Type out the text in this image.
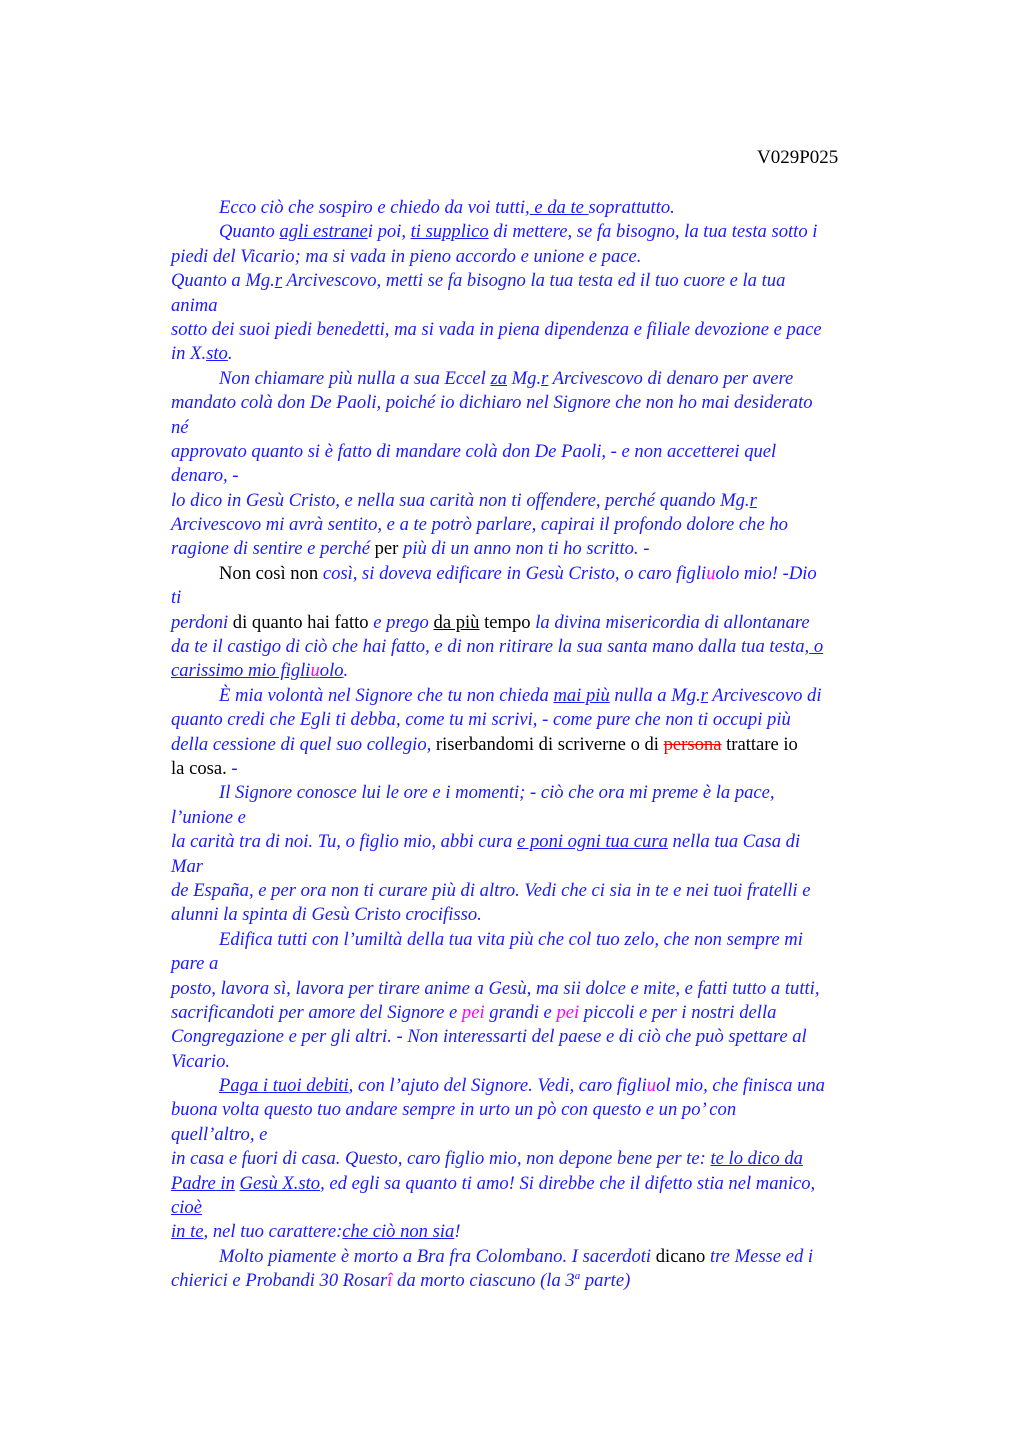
V029P025
Ecco ciò che sospiro e chiedo da voi tutti, e da te soprattutto.
Quanto agli estranei poi, ti supplico di mettere, se fa bisogno, la tua testa sotto i
piedi del Vicario; ma si vada in pieno accordo e unione e pace.
Quanto a Mg.r Arcivescovo, metti se fa bisogno la tua testa ed il tuo cuore e la tua
anima
sotto dei suoi piedi benedetti, ma si vada in piena dipendenza e filiale devozione e pace
in X.sto.
Non chiamare più nulla a sua Eccel za Mg.r Arcivescovo di denaro per avere
mandato colà don De Paoli, poiché io dichiaro nel Signore che non ho mai desiderato
né
approvato quanto si è fatto di mandare colà don De Paoli, - e non accetterei quel
denaro, -
lo dico in Gesù Cristo, e nella sua carità non ti offendere, perché quando Mg.r
Arcivescovo mi avrà sentito, e a te potrò parlare, capirai il profondo dolore che ho
ragione di sentire e perché per più di un anno non ti ho scritto. -
Non così non così, si doveva edificare in Gesù Cristo, o caro figliuolo mio! -Dio
ti
perdoni di quanto hai fatto e prego da più tempo la divina misericordia di allontanare
da te il castigo di ciò che hai fatto, e di non ritirare la sua santa mano dalla tua testa, o
carissimo mio figliuolo.
È mia volontà nel Signore che tu non chieda mai più nulla a Mg.r Arcivescovo di
quanto credi che Egli ti debba, come tu mi scrivi, - come pure che non ti occupi più
della cessione di quel suo collegio, riserbandomi di scriverne o di persona trattare io
la cosa. -
Il Signore conosce lui le ore e i momenti; - ciò che ora mi preme è la pace,
l’unione e
la carità tra di noi. Tu, o figlio mio, abbi cura e poni ogni tua cura nella tua Casa di
Mar
de España, e per ora non ti curare più di altro. Vedi che ci sia in te e nei tuoi fratelli e
alunni la spinta di Gesù Cristo crocifisso.
Edifica tutti con l’umiltà della tua vita più che col tuo zelo, che non sempre mi
pare a
posto, lavora sì, lavora per tirare anime a Gesù, ma sii dolce e mite, e fatti tutto a tutti,
sacrificandoti per amore del Signore e pei grandi e pei piccoli e per i nostri della
Congregazione e per gli altri. - Non interessarti del paese e di ciò che può spettare al
Vicario.
Paga i tuoi debiti, con l’ajuto del Signore. Vedi, caro figliuol mio, che finisca una
buona volta questo tuo andare sempre in urto un pò con questo e un po’ con
quell’altro, e
in casa e fuori di casa. Questo, caro figlio mio, non depone bene per te: te lo dico da
Padre in Gesù X.sto, ed egli sa quanto ti amo! Si direbbe che il difetto stia nel manico,
cioè
in te, nel tuo carattere:che ciò non sia!
Molto piamente è morto a Bra fra Colombano. I sacerdoti dicano tre Messe ed i
chierici e Probandi 30 Rosarî da morto ciascuno (la 3$^a$ parte)
